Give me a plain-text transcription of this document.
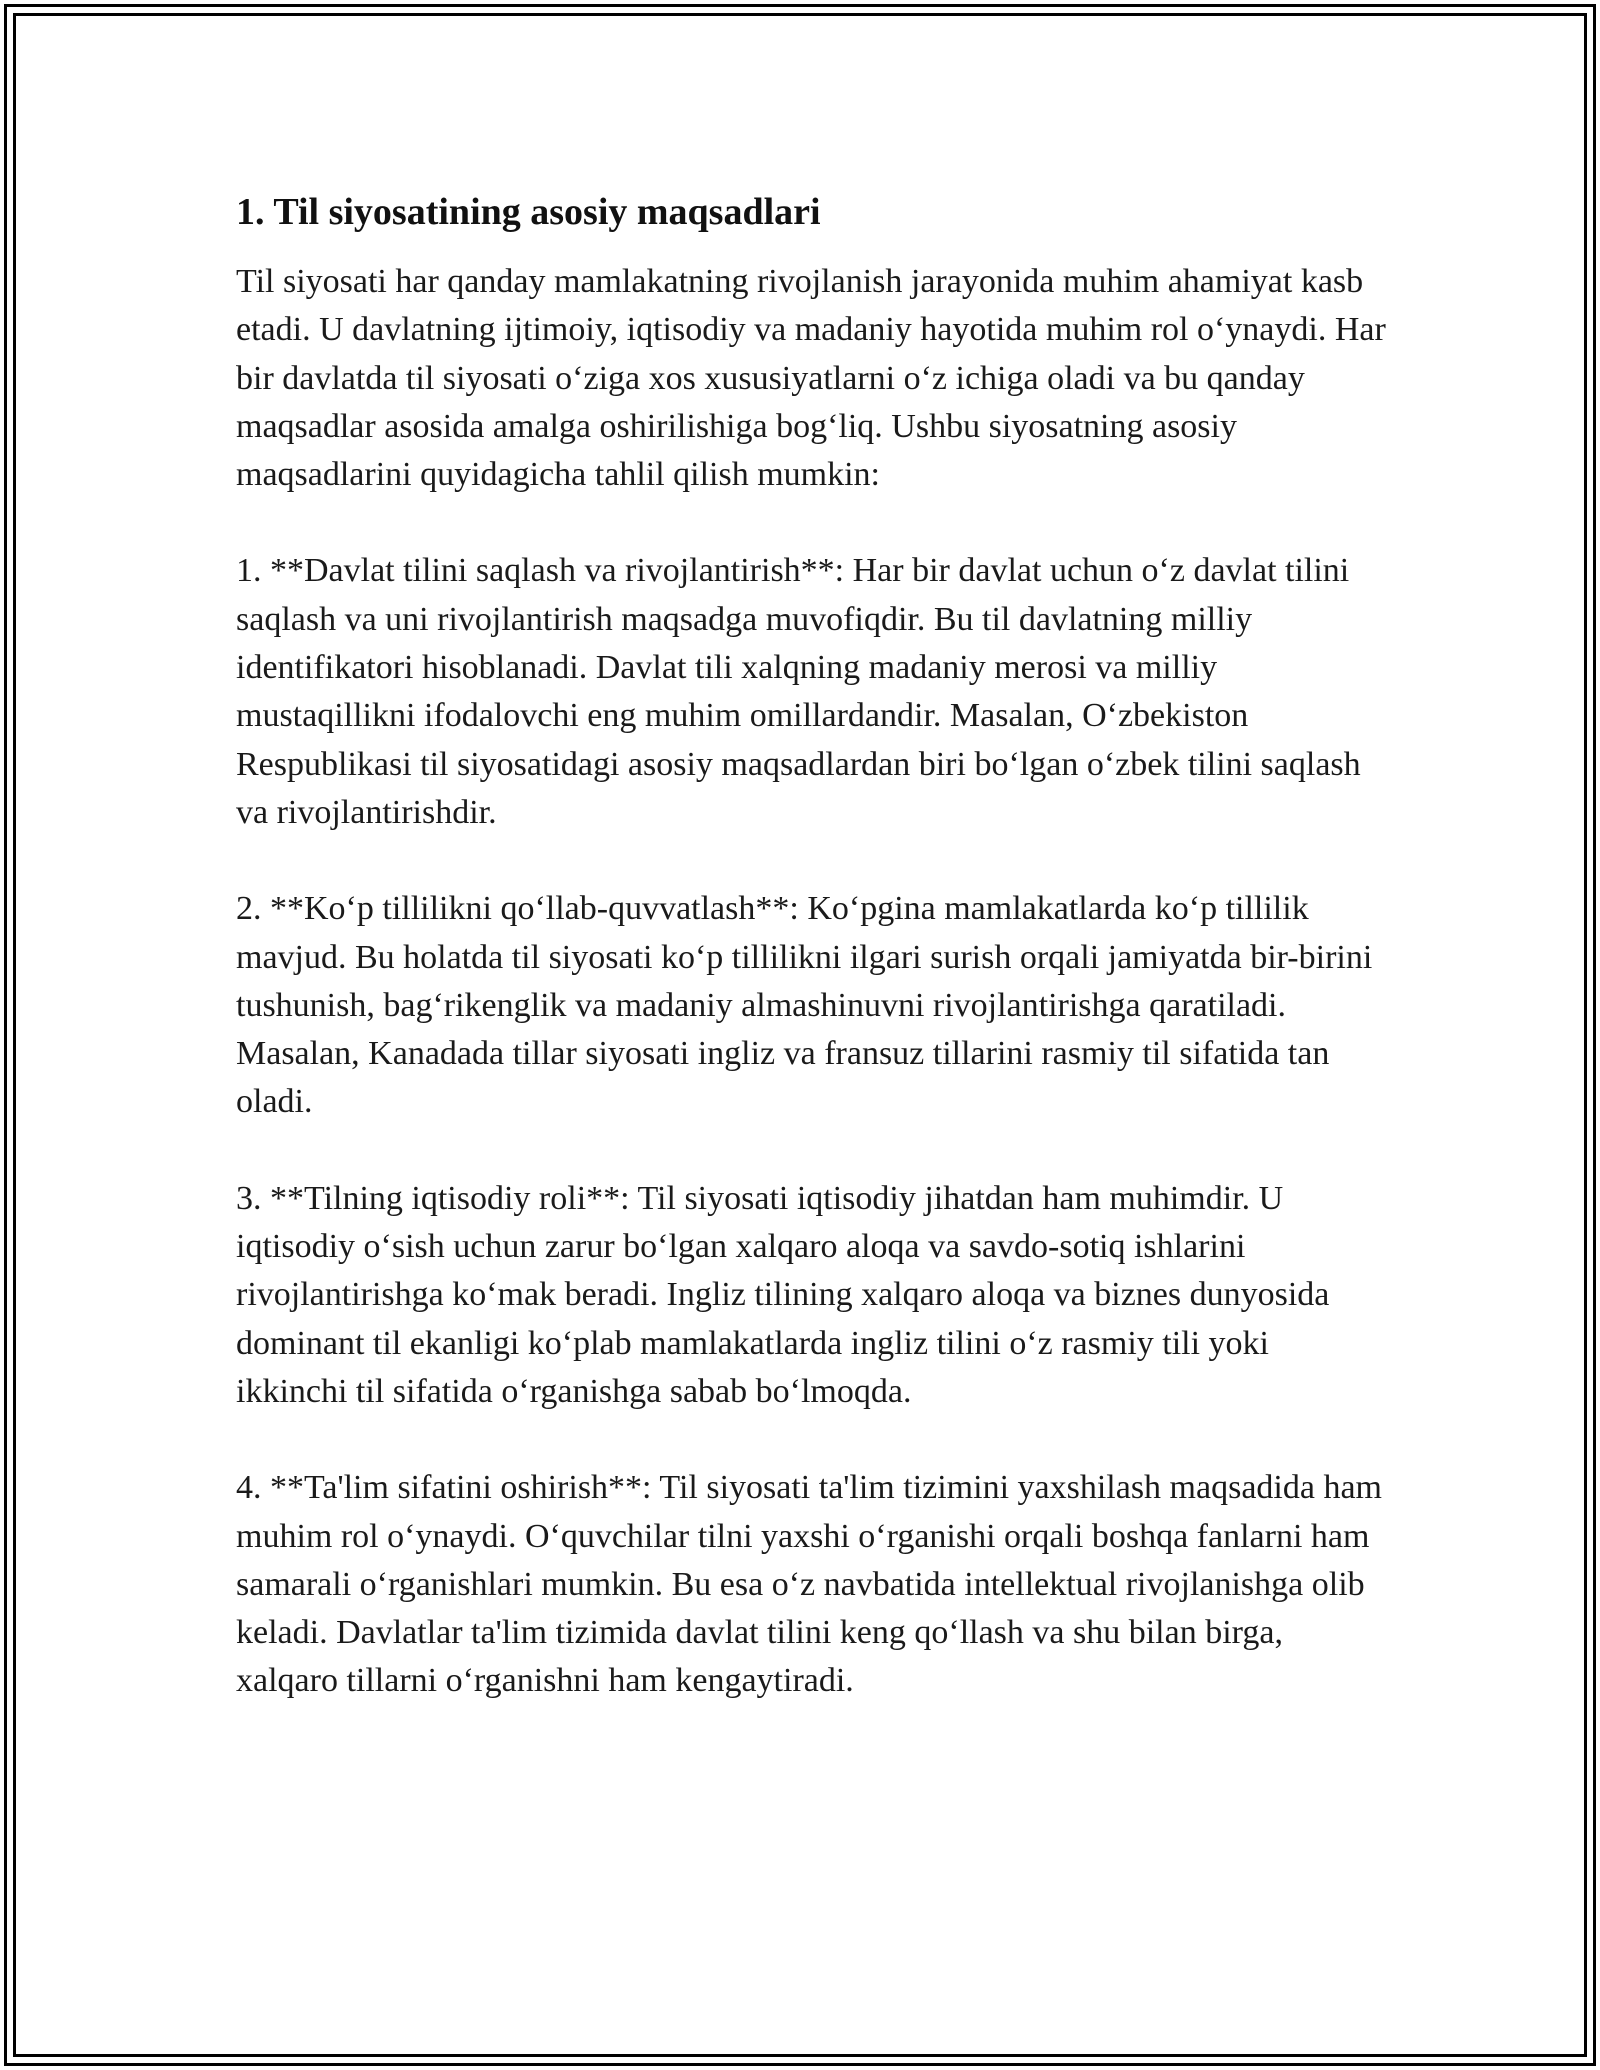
1. Til siyosatining asosiy maqsadlari

Til siyosati har qanday mamlakatning rivojlanish jarayonida muhim ahamiyat kasb etadi. U davlatning ijtimoiy, iqtisodiy va madaniy hayotida muhim rol o‘ynaydi. Har bir davlatda til siyosati o‘ziga xos xususiyatlarni o‘z ichiga oladi va bu qanday maqsadlar asosida amalga oshirilishiga bog‘liq. Ushbu siyosatning asosiy maqsadlarini quyidagicha tahlil qilish mumkin:

1. **Davlat tilini saqlash va rivojlantirish**: Har bir davlat uchun o‘z davlat tilini saqlash va uni rivojlantirish maqsadga muvofiqdir. Bu til davlatning milliy identifikatori hisoblanadi. Davlat tili xalqning madaniy merosi va milliy mustaqillikni ifodalovchi eng muhim omillardandir. Masalan, O‘zbekiston Respublikasi til siyosatidagi asosiy maqsadlardan biri bo‘lgan o‘zbek tilini saqlash va rivojlantirishdir.

2. **Ko‘p tillilikni qo‘llab-quvvatlash**: Ko‘pgina mamlakatlarda ko‘p tillilik mavjud. Bu holatda til siyosati ko‘p tillilikni ilgari surish orqali jamiyatda bir-birini tushunish, bag‘rikenglik va madaniy almashinuvni rivojlantirishga qaratiladi. Masalan, Kanadada tillar siyosati ingliz va fransuz tillarini rasmiy til sifatida tan oladi.

3. **Tilning iqtisodiy roli**: Til siyosati iqtisodiy jihatdan ham muhimdir. U iqtisodiy o‘sish uchun zarur bo‘lgan xalqaro aloqa va savdo-sotiq ishlarini rivojlantirishga ko‘mak beradi. Ingliz tilining xalqaro aloqa va biznes dunyosida dominant til ekanligi ko‘plab mamlakatlarda ingliz tilini o‘z rasmiy tili yoki ikkinchi til sifatida o‘rganishga sabab bo‘lmoqda.

4. **Ta'lim sifatini oshirish**: Til siyosati ta'lim tizimini yaxshilash maqsadida ham muhim rol o‘ynaydi. O‘quvchilar tilni yaxshi o‘rganishi orqali boshqa fanlarni ham samarali o‘rganishlari mumkin. Bu esa o‘z navbatida intellektual rivojlanishga olib keladi. Davlatlar ta'lim tizimida davlat tilini keng qo‘llash va shu bilan birga, xalqaro tillarni o‘rganishni ham kengaytiradi.
